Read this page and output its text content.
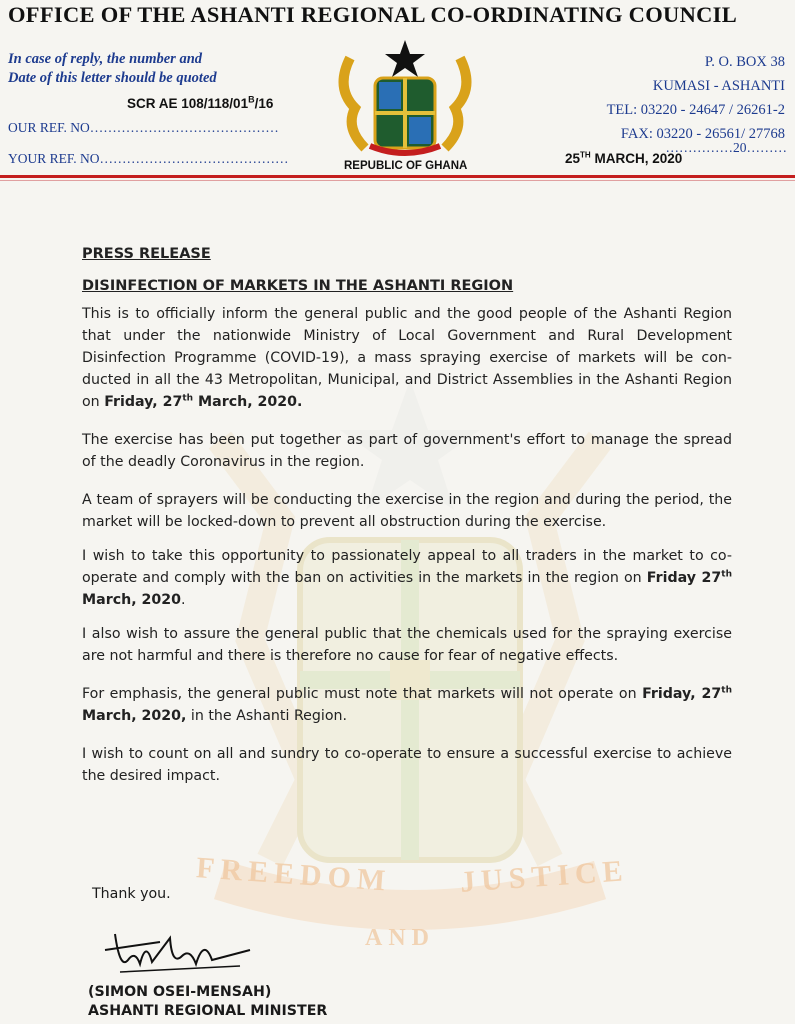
FREEDOM JUSTICE
AND
OFFICE OF THE ASHANTI REGIONAL CO-ORDINATING COUNCIL
In case of reply, the number and
Date of this letter should be quoted
SCR AE $108/118/01^B/16$
OUR REF. NO……………………………………
YOUR REF. NO……………………………………	REPUBLIC OF GHANA
P. O. BOX 38
KUMASI - ASHANTI
TEL: 03220 - 24647 / 26261-2
FAX: 03220 - 26561/ 27768
……………20………
25TH MARCH, 2020
PRESS RELEASE
DISINFECTION OF MARKETS IN THE ASHANTI REGION

This is to officially inform the general public and the good people of the Ashanti Region that under the nationwide Ministry of Local Government and Rural Development Disinfection Programme (COVID-19), a mass spraying exercise of markets will be con-ducted in all the 43 Metropolitan, Municipal, and District Assemblies in the Ashanti Region on Friday, 27th March, 2020.

The exercise has been put together as part of government's effort to manage the spread of the deadly Coronavirus in the region.

A team of sprayers will be conducting the exercise in the region and during the period, the market will be locked-down to prevent all obstruction during the exercise.

I wish to take this opportunity to passionately appeal to all traders in the market to co-operate and comply with the ban on activities in the markets in the region on Friday 27th March, 2020.

I also wish to assure the general public that the chemicals used for the spraying exercise are not harmful and there is therefore no cause for fear of negative effects.

For emphasis, the general public must note that markets will not operate on Friday, 27th March, 2020, in the Ashanti Region.

I wish to count on all and sundry to co-operate to ensure a successful exercise to achieve the desired impact.

Thank you.
(SIMON OSEI-MENSAH)
ASHANTI REGIONAL MINISTER
